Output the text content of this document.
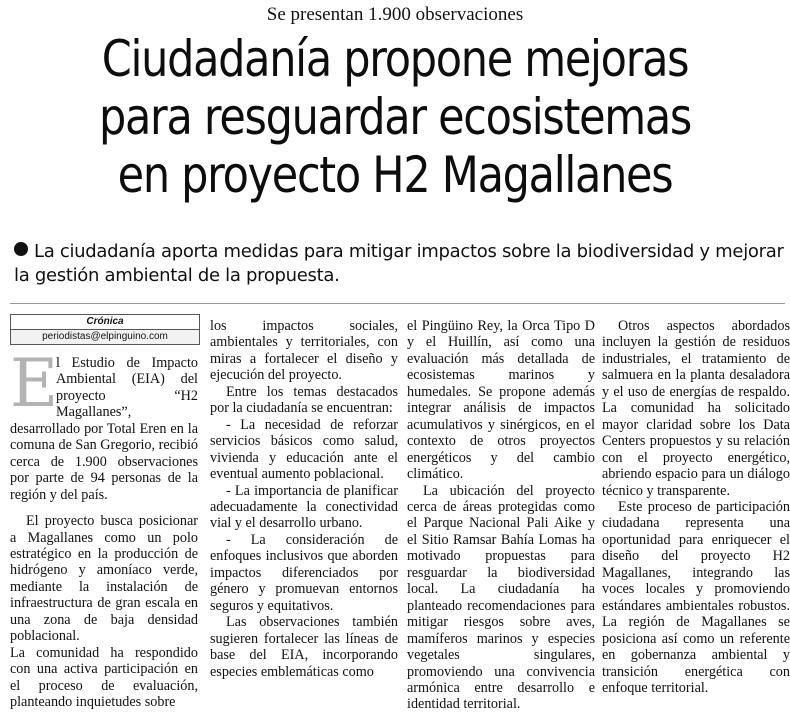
Se presentan 1.900 observaciones
Ciudadanía propone mejoras
para resguardar ecosistemas
en proyecto H2 Magallanes
La ciudadanía aporta medidas para mitigar impactos sobre la biodiversidad y mejorar la gestión ambiental de la propuesta.
Crónica
periodistas@elpinguino.com

E
l Estudio de Impacto Ambiental (EIA) del proyecto “H2 Magallanes”, desarrollado por Total Eren en la comuna de San Gregorio, recibió cerca de 1.900 observaciones por parte de 94 personas de la región y del país.

El proyecto busca posicionar a Magallanes como un polo estratégico en la producción de hidrógeno y amoníaco verde, mediante la instalación de infraestructura de gran escala en una zona de baja densidad poblacional.

La comunidad ha respondido con una activa participación en el proceso de evaluación, planteando inquietudes sobre

los impactos sociales, ambientales y territoriales, con miras a fortalecer el diseño y ejecución del proyecto.

Entre los temas destacados por la ciudadanía se encuentran:

- La necesidad de reforzar servicios básicos como salud, vivienda y educación ante el eventual aumento poblacional.

- La importancia de planificar adecuadamente la conectividad vial y el desarrollo urbano.

- La consideración de enfoques inclusivos que aborden impactos diferenciados por género y promuevan entornos seguros y equitativos.

Las observaciones también sugieren fortalecer las líneas de base del EIA, incorporando especies emblemáticas como

el Pingüino Rey, la Orca Tipo D y el Huillín, así como una evaluación más detallada de ecosistemas marinos y humedales. Se propone además integrar análisis de impactos acumulativos y sinérgicos, en el contexto de otros proyectos energéticos y del cambio climático.

La ubicación del proyecto cerca de áreas protegidas como el Parque Nacional Pali Aike y el Sitio Ramsar Bahía Lomas ha motivado propuestas para resguardar la biodiversidad local. La ciudadanía ha planteado recomendaciones para mitigar riesgos sobre aves, mamíferos marinos y especies vegetales singulares, promoviendo una convivencia armónica entre desarrollo e identidad territorial.

Otros aspectos abordados incluyen la gestión de residuos industriales, el tratamiento de salmuera en la planta desaladora y el uso de energías de respaldo. La comunidad ha solicitado mayor claridad sobre los Data Centers propuestos y su relación con el proyecto energético, abriendo espacio para un diálogo técnico y transparente.

Este proceso de participación ciudadana representa una oportunidad para enriquecer el diseño del proyecto H2 Magallanes, integrando las voces locales y promoviendo estándares ambientales robustos. La región de Magallanes se posiciona así como un referente en gobernanza ambiental y transición energética con enfoque territorial.
